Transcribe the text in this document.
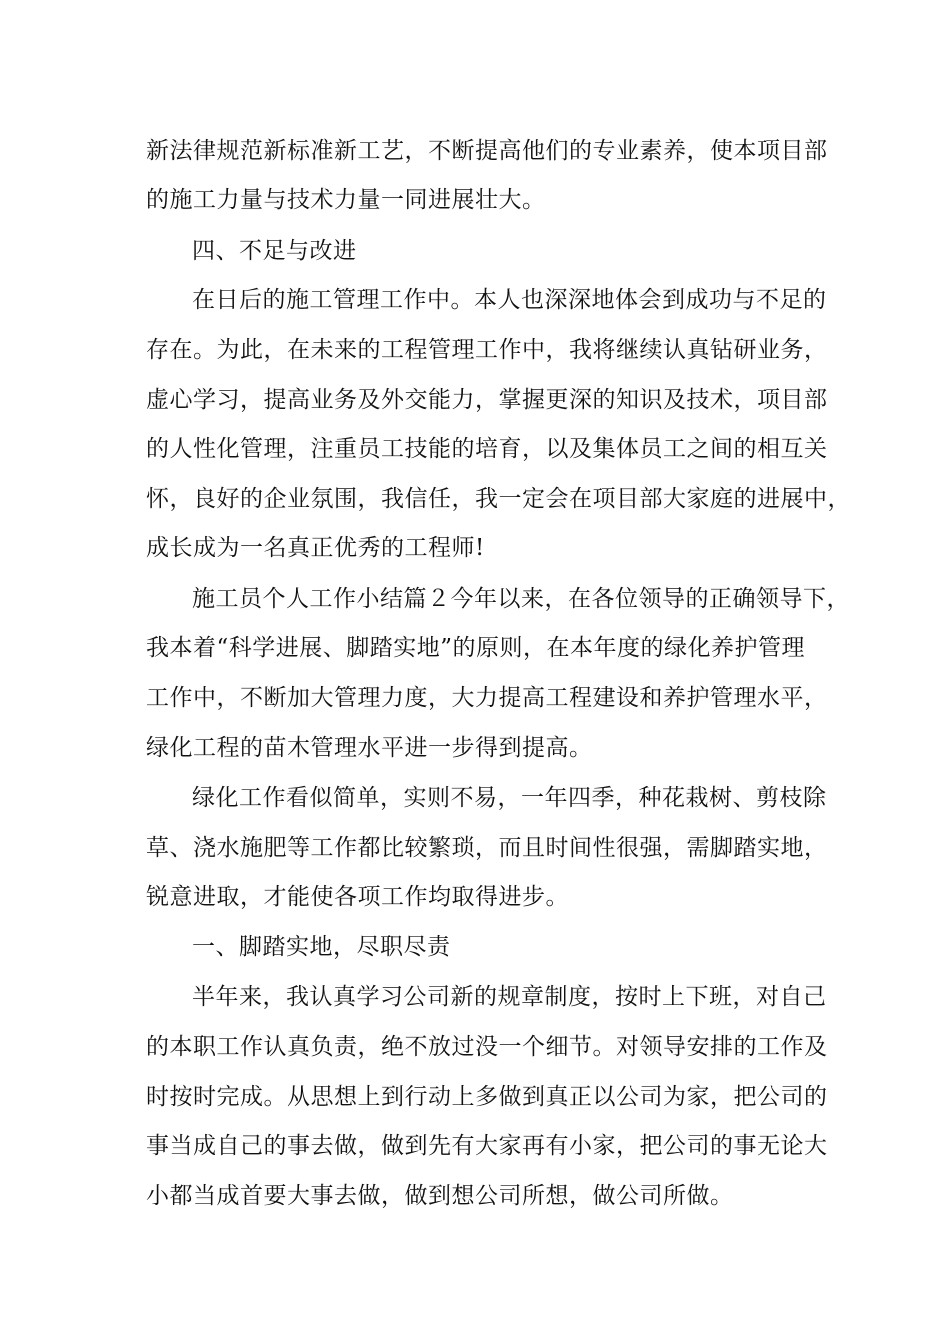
新法律规范新标准新工艺，不断提高他们的专业素养，使本项目部
的施工力量与技术力量一同进展壮大。
四、不足与改进
在日后的施工管理工作中。本人也深深地体会到成功与不足的
存在。为此，在未来的工程管理工作中，我将继续认真钻研业务，
虚心学习，提高业务及外交能力，掌握更深的知识及技术，项目部
的人性化管理，注重员工技能的培育，以及集体员工之间的相互关
怀，良好的企业氛围，我信任，我一定会在项目部大家庭的进展中，
成长成为一名真正优秀的工程师!
施工员个人工作小结篇２今年以来，在各位领导的正确领导下，
我本着“科学进展、脚踏实地”的原则，在本年度的绿化养护管理
工作中，不断加大管理力度，大力提高工程建设和养护管理水平，
绿化工程的苗木管理水平进一步得到提高。
绿化工作看似简单，实则不易，一年四季，种花栽树、剪枝除
草、浇水施肥等工作都比较繁琐，而且时间性很强，需脚踏实地，
锐意进取，才能使各项工作均取得进步。
一、脚踏实地，尽职尽责
半年来，我认真学习公司新的规章制度，按时上下班，对自己
的本职工作认真负责，绝不放过没一个细节。对领导安排的工作及
时按时完成。从思想上到行动上多做到真正以公司为家，把公司的
事当成自己的事去做，做到先有大家再有小家，把公司的事无论大
小都当成首要大事去做，做到想公司所想，做公司所做。
